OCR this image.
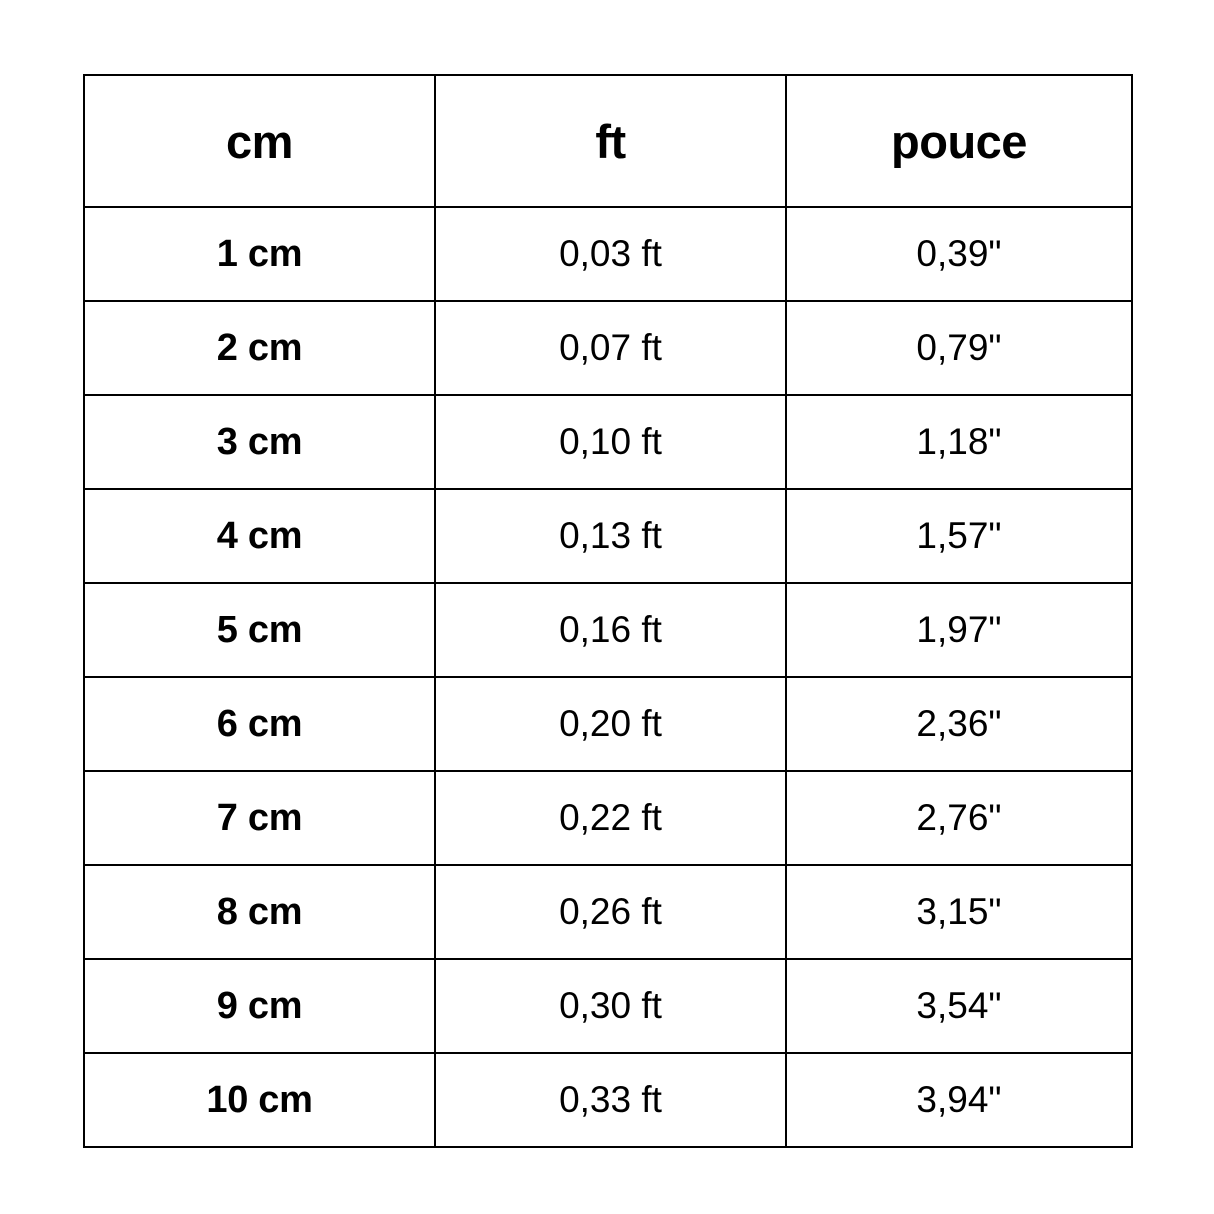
cm	ft	pouce
1 cm	0,03 ft	0,39"
2 cm	0,07 ft	0,79"
3 cm	0,10 ft	1,18"
4 cm	0,13 ft	1,57"
5 cm	0,16 ft	1,97"
6 cm	0,20 ft	2,36"
7 cm	0,22 ft	2,76"
8 cm	0,26 ft	3,15"
9 cm	0,30 ft	3,54"
10 cm	0,33 ft	3,94"
